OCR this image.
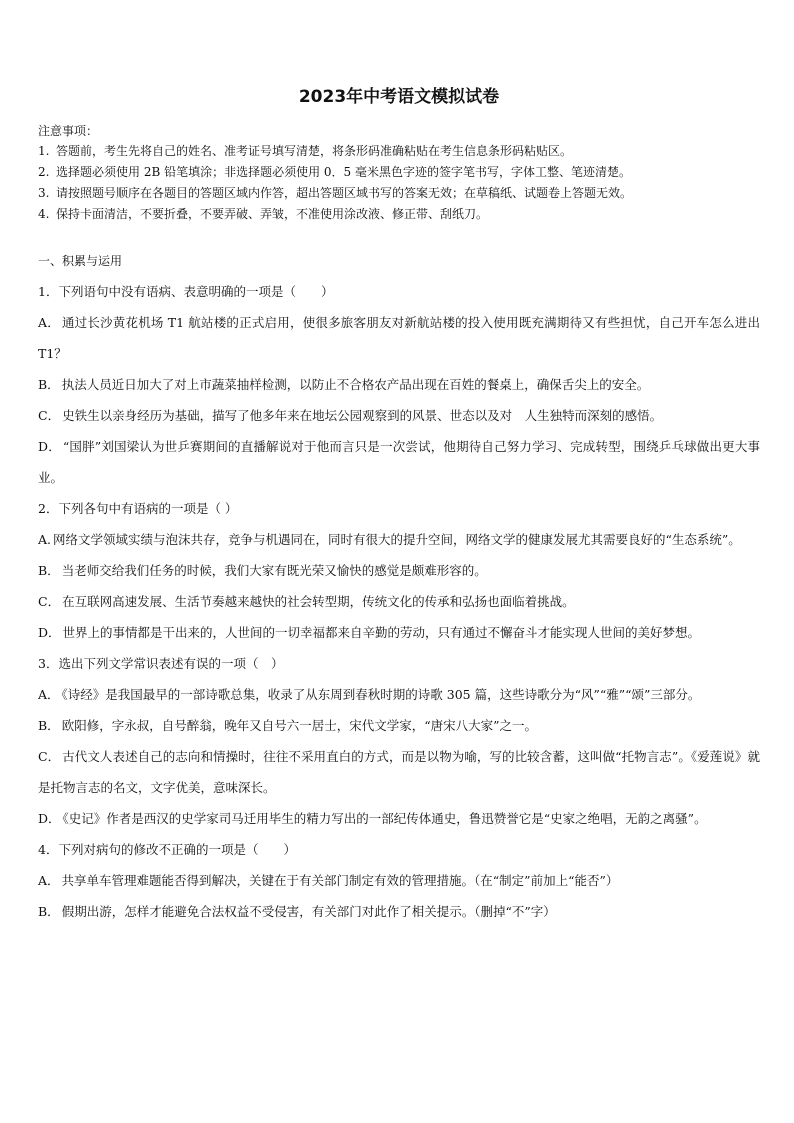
2023年中考语文模拟试卷

注意事项：

1. 答题前，考生先将自己的姓名、准考证号填写清楚，将条形码准确粘贴在考生信息条形码粘贴区。

2. 选择题必须使用 2B 铅笔填涂；非选择题必须使用 0．5 毫米黑色字迹的签字笔书写，字体工整、笔迹清楚。

3. 请按照题号顺序在各题目的答题区域内作答，超出答题区域书写的答案无效；在草稿纸、试题卷上答题无效。

4. 保持卡面清洁，不要折叠，不要弄破、弄皱，不准使用涂改液、修正带、刮纸刀。

一、积累与运用

1．下列语句中没有语病、表意明确的一项是（　　）

A． 通过长沙黄花机场 T1 航站楼的正式启用，使很多旅客朋友对新航站楼的投入使用既充满期待又有些担忧，自己开车怎么进出　T1？

B． 执法人员近日加大了对上市蔬菜抽样检测，以防止不合格农产品出现在百姓的餐桌上，确保舌尖上的安全。

C． 史铁生以亲身经历为基础，描写了他多年来在地坛公园观察到的风景、世态以及对　人生独特而深刻的感悟。

D． “国胖”刘国梁认为世乒赛期间的直播解说对于他而言只是一次尝试，他期待自己努力学习、完成转型，围绕乒乓球做出更大事业。

2．下列各句中有语病的一项是（ ）

A. 网络文学领域实绩与泡沫共存，竞争与机遇同在，同时有很大的提升空间，网络文学的健康发展尤其需要良好的“生态系统”。

B． 当老师交给我们任务的时候，我们大家有既光荣又愉快的感觉是颇难形容的。

C． 在互联网高速发展、生活节奏越来越快的社会转型期，传统文化的传承和弘扬也面临着挑战。

D． 世界上的事情都是干出来的，人世间的一切幸福都来自辛勤的劳动，只有通过不懈奋斗才能实现人世间的美好梦想。

3．选出下列文学常识表述有误的一项（　）

A． 《诗经》是我国最早的一部诗歌总集，收录了从东周到春秋时期的诗歌 305 篇，这些诗歌分为“风”“雅”“颂”三部分。

B． 欧阳修，字永叔，自号醉翁，晚年又自号六一居士，宋代文学家，“唐宋八大家”之一。

C． 古代文人表述自己的志向和情操时，往往不采用直白的方式，而是以物为喻，写的比较含蓄，这叫做“托物言志”。《爱莲说》就是托物言志的名文，文字优美，意味深长。

D． 《史记》作者是西汉的史学家司马迁用毕生的精力写出的一部纪传体通史，鲁迅赞誉它是“史家之绝唱，无韵之离骚”。

4．下列对病句的修改不正确的一项是（　　）

A． 共享单车管理难题能否得到解决，关键在于有关部门制定有效的管理措施。（在“制定”前加上“能否”）

B． 假期出游，怎样才能避免合法权益不受侵害，有关部门对此作了相关提示。（删掉“不”字）
